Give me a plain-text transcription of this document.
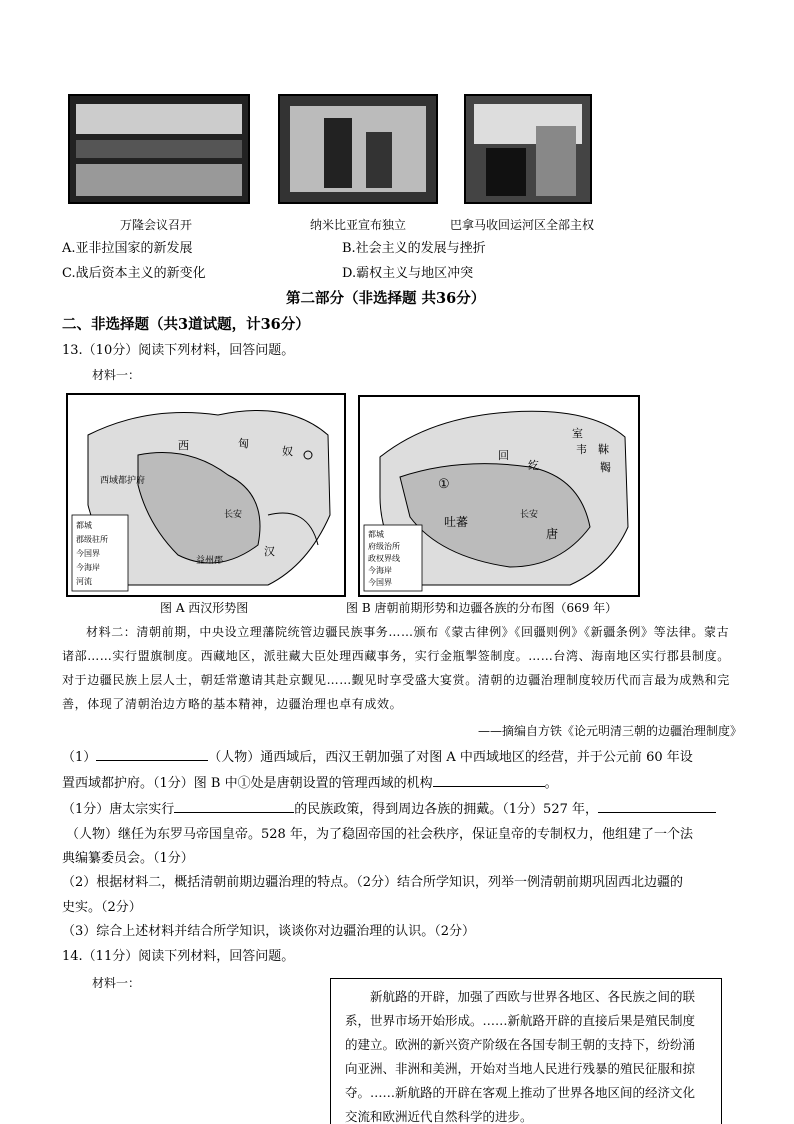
万隆会议召开	纳米比亚宣布独立	巴拿马收回运河区全部主权
A.亚非拉国家的新发展	B.社会主义的发展与挫折
C.战后资本主义的新变化	D.霸权主义与地区冲突
第二部分（非选择题 共36分）
二、非选择题（共3道试题，计36分）
13.（10分）阅读下列材料，回答问题。
材料一：
西	匈
奴
西域都护府
汉
长安
益州郡
都城
郡级驻所
今国界
今海岸
河流
回
纥
靺
鞨
室
韦
吐蕃
唐
长安
①
都城
府级治所
政权界线
今海岸
今国界
图 A 西汉形势图	图 B 唐朝前期形势和边疆各族的分布图（669 年）
材料二：清朝前期，中央设立理藩院统管边疆民族事务……颁布《蒙古律例》《回疆则例》《新疆条例》等法律。蒙古诸部……实行盟旗制度。西藏地区，派驻藏大臣处理西藏事务，实行金瓶掣签制度。……台湾、海南地区实行郡县制度。对于边疆民族上层人士，朝廷常邀请其赴京觐见……觐见时享受盛大宴赏。清朝的边疆治理制度较历代而言最为成熟和完善，体现了清朝治边方略的基本精神，边疆治理也卓有成效。
——摘编自方铁《论元明清三朝的边疆治理制度》
（1）	（人物）通西域后，西汉王朝加强了对图 A 中西域地区的经营，并于公元前 60 年设
置西域都护府。（1分）图 B 中①处是唐朝设置的管理西域的机构	。
（1分）唐太宗实行	的民族政策，得到周边各族的拥戴。（1分）527 年，
（人物）继任为东罗马帝国皇帝。528 年，为了稳固帝国的社会秩序，保证皇帝的专制权力，他组建了一个法
典编纂委员会。（1分）
（2）根据材料二，概括清朝前期边疆治理的特点。（2分）结合所学知识，列举一例清朝前期巩固西北边疆的
史实。（2分）
（3）综合上述材料并结合所学知识，谈谈你对边疆治理的认识。（2分）
14.（11分）阅读下列材料，回答问题。
材料一：

新航路的开辟，加强了西欧与世界各地区、各民族之间的联系，世界市场开始形成。……新航路开辟的直接后果是殖民制度的建立。欧洲的新兴资产阶级在各国专制王朝的支持下，纷纷涌向亚洲、非洲和美洲，开始对当地人民进行残暴的殖民征服和掠夺。……新航路的开辟在客观上推动了世界各地区间的经济文化交流和欧洲近代自然科学的进步。
